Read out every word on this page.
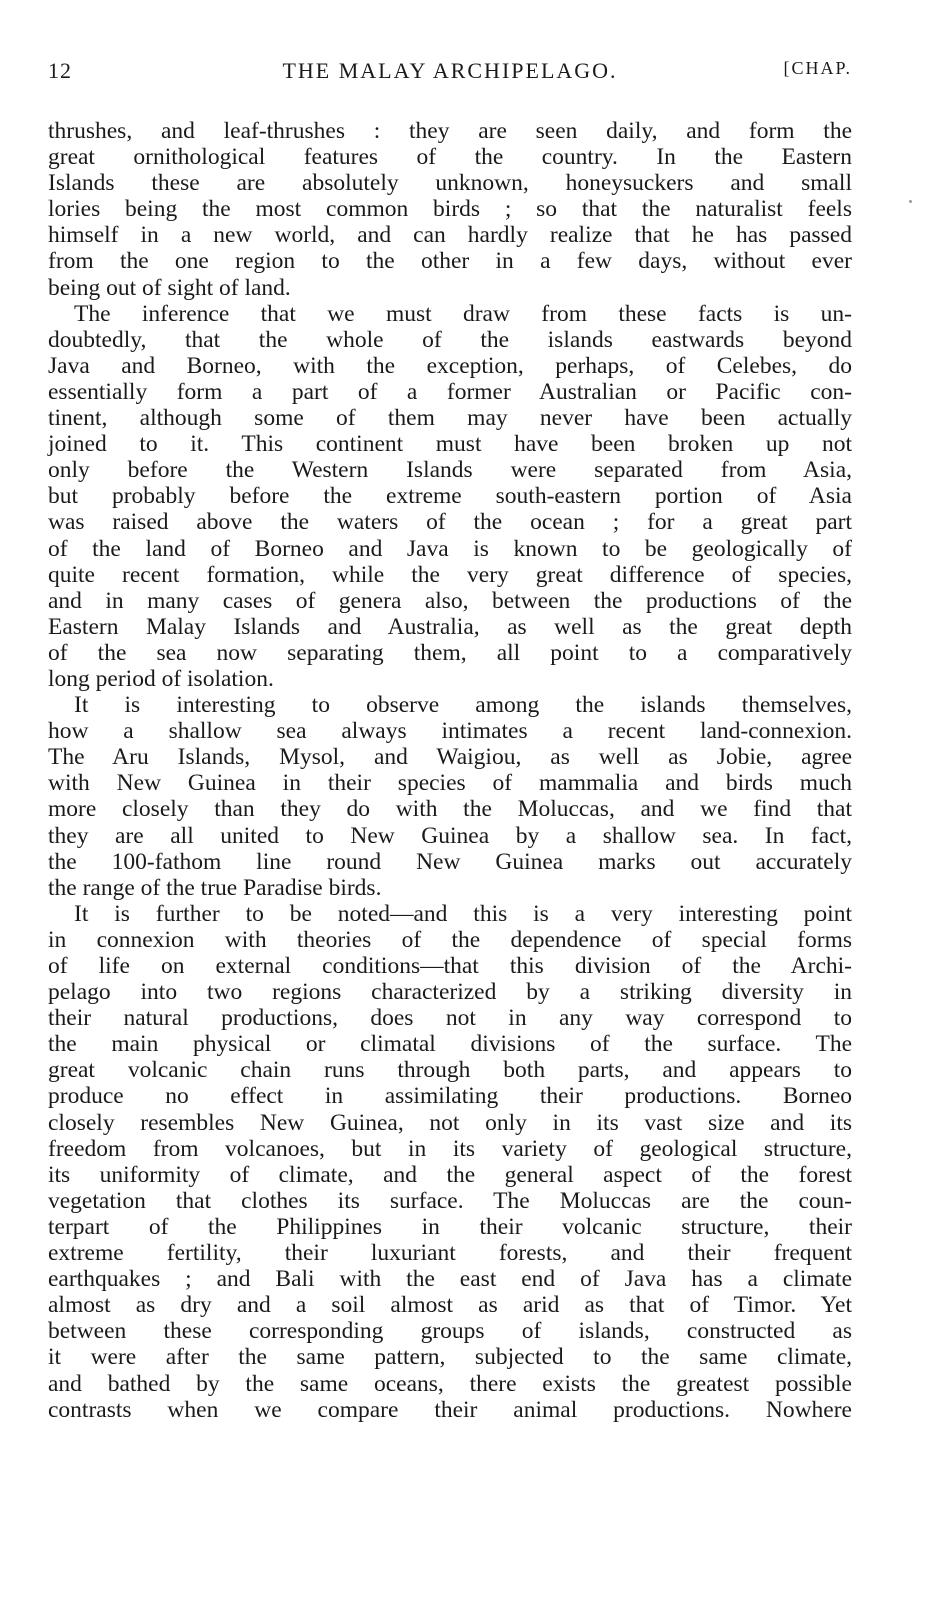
12	THE MALAY ARCHIPELAGO.	[CHAP.
thrushes, and leaf-thrushes : they are seen daily, and form the
great ornithological features of the country. In the Eastern
Islands these are absolutely unknown, honeysuckers and small
lories being the most common birds ; so that the naturalist feels
himself in a new world, and can hardly realize that he has passed
from the one region to the other in a few days, without ever
being out of sight of land.
The inference that we must draw from these facts is un-
doubtedly, that the whole of the islands eastwards beyond
Java and Borneo, with the exception, perhaps, of Celebes, do
essentially form a part of a former Australian or Pacific con-
tinent, although some of them may never have been actually
joined to it. This continent must have been broken up not
only before the Western Islands were separated from Asia,
but probably before the extreme south-eastern portion of Asia
was raised above the waters of the ocean ; for a great part
of the land of Borneo and Java is known to be geologically of
quite recent formation, while the very great difference of species,
and in many cases of genera also, between the productions of the
Eastern Malay Islands and Australia, as well as the great depth
of the sea now separating them, all point to a comparatively
long period of isolation.
It is interesting to observe among the islands themselves,
how a shallow sea always intimates a recent land-connexion.
The Aru Islands, Mysol, and Waigiou, as well as Jobie, agree
with New Guinea in their species of mammalia and birds much
more closely than they do with the Moluccas, and we find that
they are all united to New Guinea by a shallow sea. In fact,
the 100-fathom line round New Guinea marks out accurately
the range of the true Paradise birds.
It is further to be noted—and this is a very interesting point
in connexion with theories of the dependence of special forms
of life on external conditions—that this division of the Archi-
pelago into two regions characterized by a striking diversity in
their natural productions, does not in any way correspond to
the main physical or climatal divisions of the surface. The
great volcanic chain runs through both parts, and appears to
produce no effect in assimilating their productions. Borneo
closely resembles New Guinea, not only in its vast size and its
freedom from volcanoes, but in its variety of geological structure,
its uniformity of climate, and the general aspect of the forest
vegetation that clothes its surface. The Moluccas are the coun-
terpart of the Philippines in their volcanic structure, their
extreme fertility, their luxuriant forests, and their frequent
earthquakes ; and Bali with the east end of Java has a climate
almost as dry and a soil almost as arid as that of Timor. Yet
between these corresponding groups of islands, constructed as
it were after the same pattern, subjected to the same climate,
and bathed by the same oceans, there exists the greatest possible
contrasts when we compare their animal productions. Nowhere
